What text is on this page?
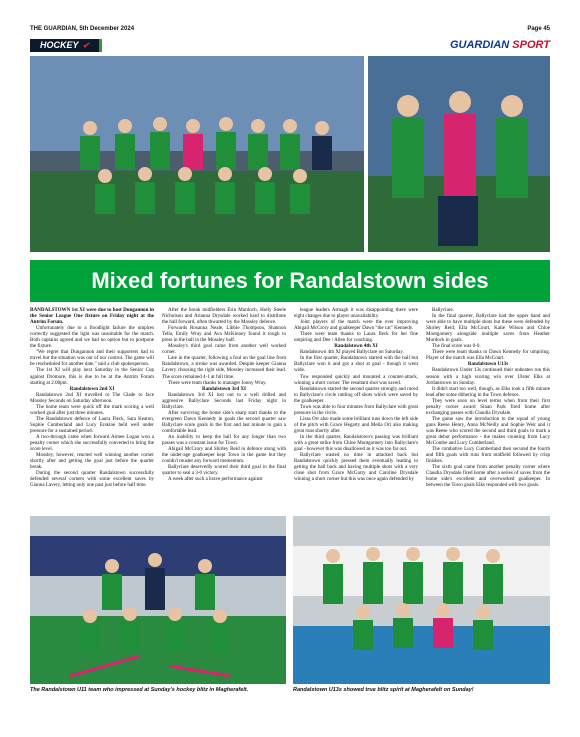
THE GUARDIAN, 5th December 2024	Page 45
HOCKEY ✔	GUARDIAN SPORT
Mixed fortunes for Randalstown sides

RANDALSTOWN 1st XI were due to host Dungannon in the Senior League One fixture on Friday night at the Antrim Forum.

Unfortunately due to a floodlight failure the umpires correctly suggested the light was unsuitable for the match. Both captains agreed and we had no option but to postpone the fixture.

"We regret that Dungannon and their supporters had to travel but the situation was out of our control. The game will be rescheduled for another date," said a club spokesperson.

The 1st XI will play next Saturday in the Senior Cup against Dromore, this is due to be at the Antrim Forum starting at 2.00pm.

Randalstown 2nd XI

Randalstown 2nd XI travelled to The Glade to face Mossley Seconds on Saturday afternoon.

The home team were quick off the mark scoring a well worked goal after just three minutes.

The Randalstown defence of Laura Fleck, Sara Keaton, Sophie Cumberland and Lucy Erskine held well under pressure for a sustained period.

A two-through came when forward Aimee Logan won a penalty corner which she successfully converted to bring the score level.

Mossley, however, reacted well winning another corner shortly after and getting the goal just before the quarter break.

During the second quarter Randalstown successfully defended several corners with some excellent saves by Gianna Lavery, letting only one past just before half time.

After the break midfielders Erin Murdoch, Holly Steele Nicholson and Arianna Drysdale worked hard to distribute the ball forward, often thwarted by the Mossley defence.

Forwards Rosanna Neale, Libbie Thompson, Shannon Tella, Emily Wray and Ava McKinney found it tough to press in the ball in the Mossley half.

Mossley's third goal came from another well worked corner.

Late in the quarter, following a foul on the goal line from Randalstown, a stroke was awarded. Despite keeper Gianna Lavery choosing the right side, Mossley increased their lead. The score remained 4-1 at full time.

There were team thanks to manager Jonny Wray.

Randalstown 3rd XI

Randalstown 3rd XI lost out to a well drilled and aggressive Ballyclare Seconds last Friday night in Ballyclare.

After surviving the home side's sharp start thanks to the evergreen Dawn Kennedy in goals the second quarter saw Ballyclare score goals in the first and last minute to gain a comfortable lead.

An inability to keep the ball for any longer than two passes was a constant issue for Town.

Abigail McCrory and Shirley Reid in defence along with the under-age goalkeeper kept Town in the game but they couldn't muster any forward momentum.

Ballyclare deservedly scored their third goal in the final quarter to seal a 3-0 victory.

A week after such a brave performance against

league leaders Armagh it was disappointing there were eight changes due to player unavailability.

Joint players of the match were the ever improving Abigail McCrory and goalkeeper Dawn "the cat" Kennedy.

There were team thanks to Laura fleck for her fine umpiring and Dee / Allen for coaching.

Randalstown 4th XI

Randalstown 4th XI played Ballyclare on Saturday.

In the first quarter, Randalstown started with the ball but Ballyclare won it and got a shot at goal - though it went wide.

Tow responded quickly and mounted a counter-attack, winning a short corner. The resultant shot was saved.

Randalstown started the second quarter strongly and raced to Ballyclare's circle rattling off shots which were saved by the goalkeeper.

Town was able to four minutes from Ballyclare with great pressure in the circle.

Lissa Orr also made some brilliant runs down the left side of the pitch with Grace Hegarty and Melia Orr also making great runs shortly after.

In the third quarter, Randalstown's passing was brilliant with a great strike from Chloe Montgomery into Ballyclare's goal - however this was disallowed as it was too far out.

Ballyclare wasted no time in attacked back but Randalstown quickly pressed them eventually leading to getting the ball back and having multiple shots with a very close shot from Grace McGarry and Caroline Drysdale winning a short corner but this was once again defended by

Ballyclare.

In the final quarter, Ballyclare had the upper hand and were able to have multiple shots but these were defended by Shirley Reid, Ella McCourt, Katie Wilson and Chloe Montgomery alongside multiple saves from Heather Murdock in goals.

The final score was 0-0.

There were team thanks to Dawn Kennedy for umpiring. Player of the match was Ella McCourt.

Randalstown U13s

Randalstown Under 13s continued their unbeaten run this season with a high scoring win over Ulster Elks at Jordanstown on Sunday.

It didn't start too well, though, as Elks took a fifth minute lead after some dithering in the Town defence.

They were soon on level terms when from their first penalty corner award Sinan Park fired home after exchanging passes with Claudia Drysdale.

The game saw the introduction to the squad of young guns Reese Henry, Anna McNeilly and Sophie Weir and it was Reese who scored the second and third goals to mark a great debut performance - the makes counting from Lucy McCombe and Lucy Cumberland.

The combative Lucy Cumberland then secured the fourth and fifth goals with runs from midfield followed by crisp finishes.

The sixth goal came from another penalty corner where Claudia Drysdale fired home after a series of saves from the home side's excellent and overworked goalkeeper. In between the Town goals Elks responded with two goals.

The Randalstown U11 team who impressed at Sunday's hockey blitz in Magherafelt.	Randalstown U13s showed true blitz spirit at Magherafelt on Sunday!
